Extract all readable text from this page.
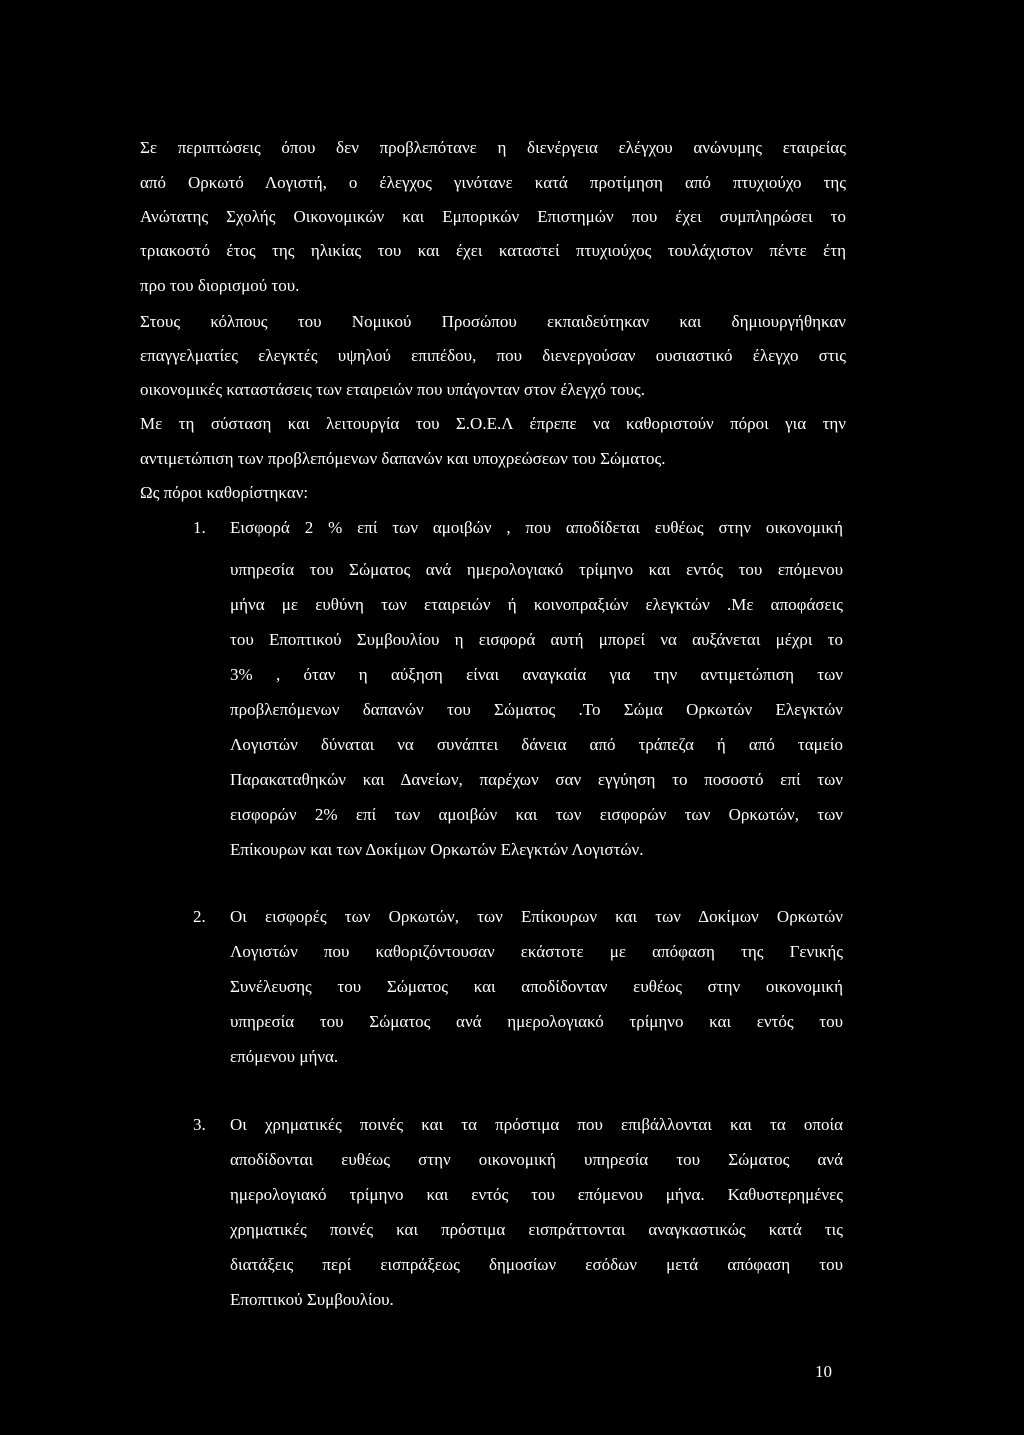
Σε περιπτώσεις όπου δεν προβλεπότανε η διενέργεια ελέγχου ανώνυμης εταιρείας
από Ορκωτό Λογιστή, ο έλεγχος γινότανε κατά προτίμηση από πτυχιούχο της
Ανώτατης Σχολής Οικονομικών και Εμπορικών Επιστημών που έχει συμπληρώσει το
τριακοστό έτος της ηλικίας του και έχει καταστεί πτυχιούχος τουλάχιστον πέντε έτη
προ του διορισμού του.
Στους κόλπους του Νομικού Προσώπου εκπαιδεύτηκαν και δημιουργήθηκαν
επαγγελματίες ελεγκτές υψηλού επιπέδου, που διενεργούσαν ουσιαστικό έλεγχο στις
οικονομικές καταστάσεις των εταιρειών που υπάγονταν στον έλεγχό τους.
Με τη σύσταση και λειτουργία του Σ.Ο.Ε.Λ έπρεπε να καθοριστούν πόροι για την
αντιμετώπιση των προβλεπόμενων δαπανών και υποχρεώσεων του Σώματος.
Ως πόροι καθορίστηκαν:
1. Εισφορά 2 % επί των αμοιβών , που αποδίδεται ευθέως στην οικονομική
υπηρεσία του Σώματος ανά ημερολογιακό τρίμηνο και εντός του επόμενου
μήνα με ευθύνη των εταιρειών ή κοινοπραξιών ελεγκτών .Με αποφάσεις
του Εποπτικού Συμβουλίου η εισφορά αυτή μπορεί να αυξάνεται μέχρι το
3% , όταν η αύξηση είναι αναγκαία για την αντιμετώπιση των
προβλεπόμενων δαπανών του Σώματος .Το Σώμα Ορκωτών Ελεγκτών
Λογιστών δύναται να συνάπτει δάνεια από τράπεζα ή από ταμείο
Παρακαταθηκών και Δανείων, παρέχων σαν εγγύηση το ποσοστό επί των
εισφορών 2% επί των αμοιβών και των εισφορών των Ορκωτών, των
Επίκουρων και των Δοκίμων Ορκωτών Ελεγκτών Λογιστών.
2. Οι εισφορές των Ορκωτών, των Επίκουρων και των Δοκίμων Ορκωτών
Λογιστών που καθοριζόντουσαν εκάστοτε με απόφαση της Γενικής
Συνέλευσης του Σώματος και αποδίδονταν ευθέως στην οικονομική
υπηρεσία του Σώματος ανά ημερολογιακό τρίμηνο και εντός του
επόμενου μήνα.
3. Οι χρηματικές ποινές και τα πρόστιμα που επιβάλλονται και τα οποία
αποδίδονται ευθέως στην οικονομική υπηρεσία του Σώματος ανά
ημερολογιακό τρίμηνο και εντός του επόμενου μήνα. Καθυστερημένες
χρηματικές ποινές και πρόστιμα εισπράττονται αναγκαστικώς κατά τις
διατάξεις περί εισπράξεως δημοσίων εσόδων μετά απόφαση του
Εποπτικού Συμβουλίου.
10
